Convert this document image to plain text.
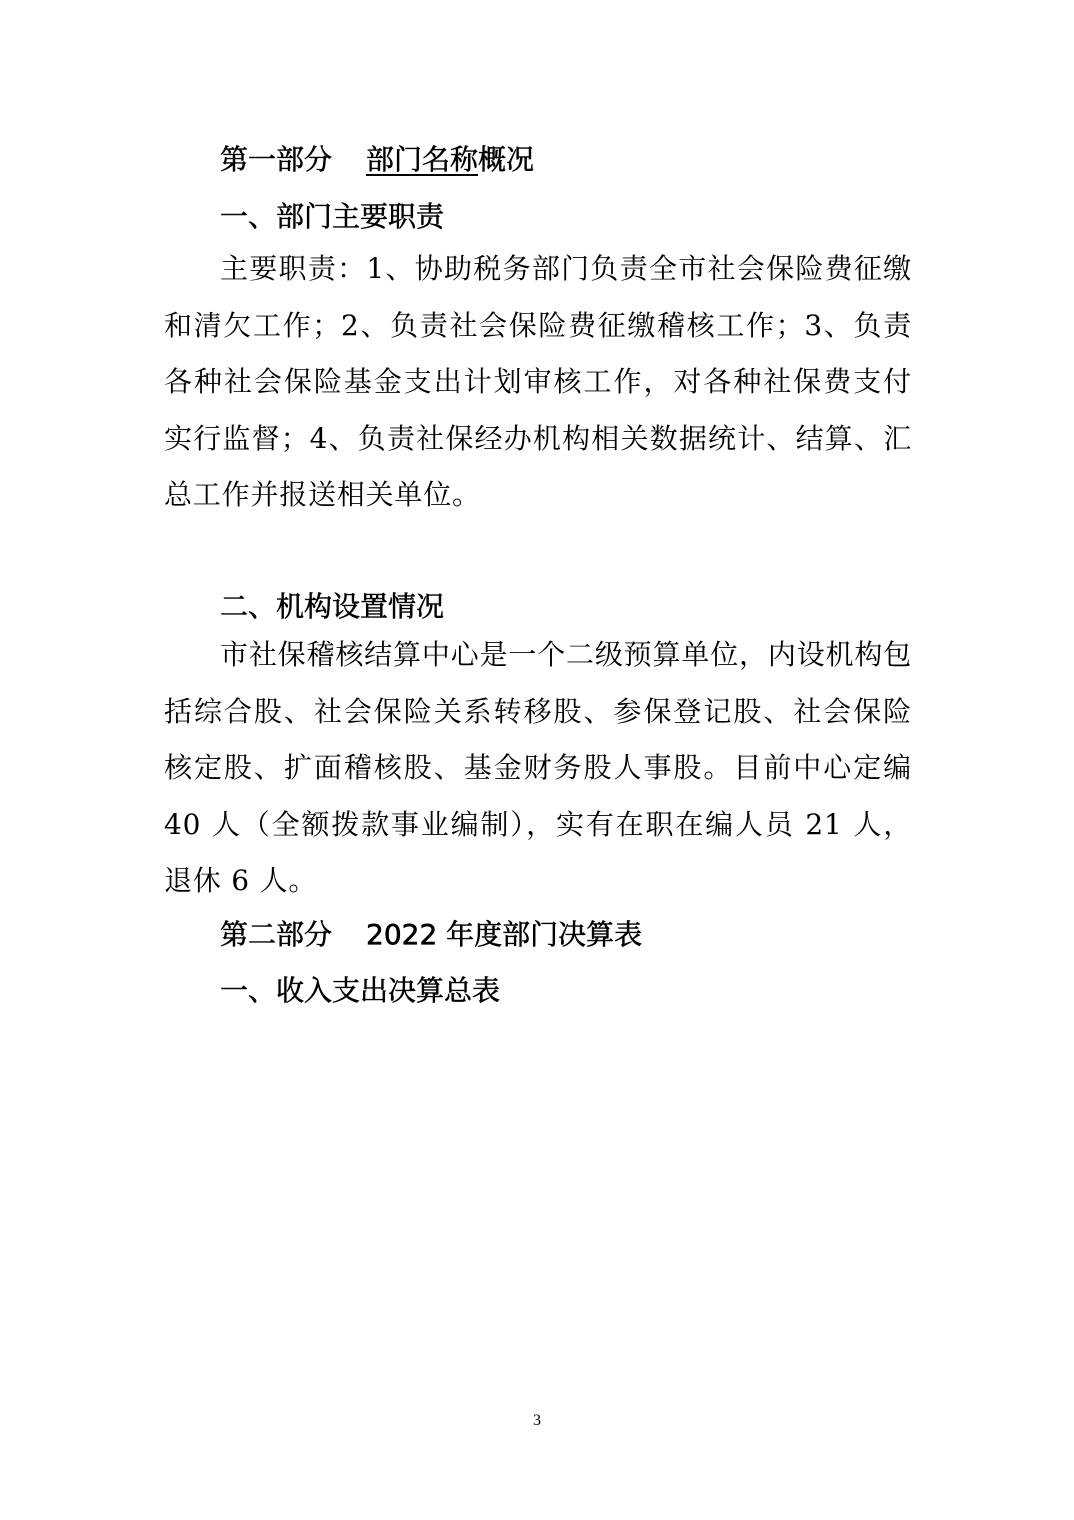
第一部分 部门名称概况
一、部门主要职责
主要职责：1、协助税务部门负责全市社会保险费征缴和清欠工作；2、负责社会保险费征缴稽核工作；3、负责各种社会保险基金支出计划审核工作，对各种社保费支付实行监督；4、负责社保经办机构相关数据统计、结算、汇总工作并报送相关单位。
二、机构设置情况
市社保稽核结算中心是一个二级预算单位，内设机构包括综合股、社会保险关系转移股、参保登记股、社会保险核定股、扩面稽核股、基金财务股人事股。目前中心定编 40 人（全额拨款事业编制），实有在职在编人员 21 人，退休 6 人。
第二部分 2022 年度部门决算表
一、收入支出决算总表
3
